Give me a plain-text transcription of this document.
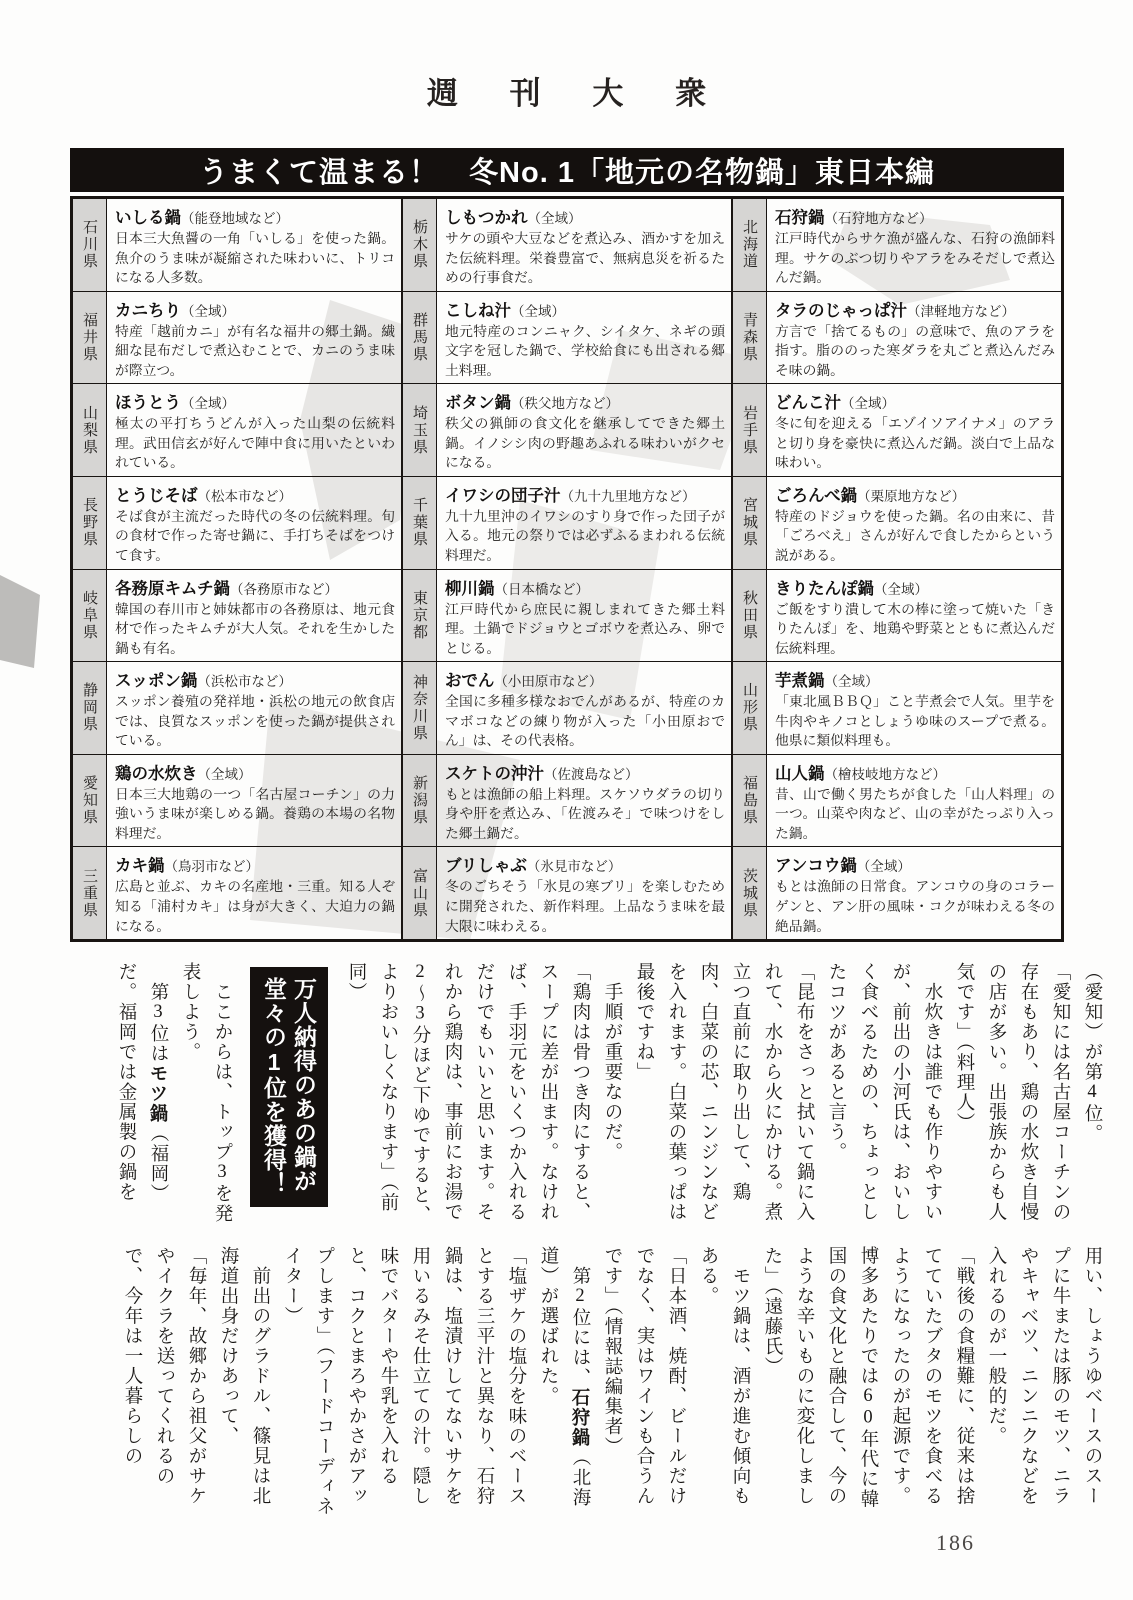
週 刊 大 衆
うまくて温まる！　冬No. 1「地元の名物鍋」東日本編
石川県
いしる鍋（能登地域など）
日本三大魚醤の一角「いしる」を使った鍋。魚介のうま味が凝縮された味わいに、トリコになる人多数。
福井県
カニちり（全域）
特産「越前カニ」が有名な福井の郷土鍋。繊細な昆布だしで煮込むことで、カニのうま味が際立つ。
山梨県
ほうとう（全域）
極太の平打ちうどんが入った山梨の伝統料理。武田信玄が好んで陣中食に用いたといわれている。
長野県
とうじそば（松本市など）
そば食が主流だった時代の冬の伝統料理。旬の食材で作った寄せ鍋に、手打ちそばをつけて食す。
岐阜県
各務原キムチ鍋（各務原市など）
韓国の春川市と姉妹都市の各務原は、地元食材で作ったキムチが大人気。それを生かした鍋も有名。
静岡県
スッポン鍋（浜松市など）
スッポン養殖の発祥地・浜松の地元の飲食店では、良質なスッポンを使った鍋が提供されている。
愛知県
鶏の水炊き（全域）
日本三大地鶏の一つ「名古屋コーチン」の力強いうま味が楽しめる鍋。養鶏の本場の名物料理だ。
三重県
カキ鍋（鳥羽市など）
広島と並ぶ、カキの名産地・三重。知る人ぞ知る「浦村カキ」は身が大きく、大迫力の鍋になる。
栃木県
しもつかれ（全域）
サケの頭や大豆などを煮込み、酒かすを加えた伝統料理。栄養豊富で、無病息災を祈るための行事食だ。
群馬県
こしね汁（全域）
地元特産のコンニャク、シイタケ、ネギの頭文字を冠した鍋で、学校給食にも出される郷土料理。
埼玉県
ボタン鍋（秩父地方など）
秩父の猟師の食文化を継承してできた郷土鍋。イノシシ肉の野趣あふれる味わいがクセになる。
千葉県
イワシの団子汁（九十九里地方など）
九十九里沖のイワシのすり身で作った団子が入る。地元の祭りでは必ずふるまわれる伝統料理だ。
東京都
柳川鍋（日本橋など）
江戸時代から庶民に親しまれてきた郷土料理。土鍋でドジョウとゴボウを煮込み、卵でとじる。
神奈川県	おでん（小田原市など）
全国に多種多様なおでんがあるが、特産のカマボコなどの練り物が入った「小田原おでん」は、その代表格。
新潟県
スケトの沖汁（佐渡島など）
もとは漁師の船上料理。スケソウダラの切り身や肝を煮込み、「佐渡みそ」で味つけをした郷土鍋だ。
富山県
ブリしゃぶ（氷見市など）
冬のごちそう「氷見の寒ブリ」を楽しむために開発された、新作料理。上品なうま味を最大限に味わえる。
北海道
石狩鍋（石狩地方など）
江戸時代からサケ漁が盛んな、石狩の漁師料理。サケのぶつ切りやアラをみそだしで煮込んだ鍋。
青森県
タラのじゃっぱ汁（津軽地方など）
方言で「捨てるもの」の意味で、魚のアラを指す。脂ののった寒ダラを丸ごと煮込んだみそ味の鍋。
岩手県
どんこ汁（全域）
冬に旬を迎える「エゾイソアイナメ」のアラと切り身を豪快に煮込んだ鍋。淡白で上品な味わい。
宮城県
ごろんべ鍋（栗原地方など）
特産のドジョウを使った鍋。名の由来に、昔「ごろべえ」さんが好んで食したからという説がある。
秋田県
きりたんぽ鍋（全域）
ご飯をすり潰して木の棒に塗って焼いた「きりたんぽ」を、地鶏や野菜とともに煮込んだ伝統料理。
山形県
芋煮鍋（全域）
「東北風ＢＢＱ」こと芋煮会で人気。里芋を牛肉やキノコとしょうゆ味のスープで煮る。他県に類似料理も。
福島県
山人鍋（檜枝岐地方など）
昔、山で働く男たちが食した「山人料理」の一つ。山菜や肉など、山の幸がたっぷり入った鍋。
茨城県
アンコウ鍋（全域）
もとは漁師の日常食。アンコウの身のコラーゲンと、アン肝の風味・コクが味わえる冬の絶品鍋。

（愛知）が第4位。

「愛知には名古屋コーチンの存在もあり、鶏の水炊き自慢の店が多い。出張族からも人気です」（料理人）

　水炊きは誰でも作りやすいが、前出の小河氏は、おいしく食べるための、ちょっとしたコツがあると言う。

「昆布をさっと拭いて鍋に入れて、水から火にかける。煮立つ直前に取り出して、鶏肉、白菜の芯、ニンジンなどを入れます。白菜の葉っぱは最後ですね」

　手順が重要なのだ。

「鶏肉は骨つき肉にすると、スープに差が出ます。なければ、手羽元をいくつか入れるだけでもいいと思います。それから鶏肉は、事前にお湯で2〜3分ほど下ゆですると、よりおいしくなります」（前同）

万人納得のあの鍋が堂々の1位を獲得！

　ここからは、トップ3を発表しよう。

　第3位はモツ鍋（福岡）だ。福岡では金属製の鍋を

用い、しょうゆベースのスープに牛または豚のモツ、ニラやキャベツ、ニンニクなどを入れるのが一般的だ。

「戦後の食糧難に、従来は捨てていたブタのモツを食べるようになったのが起源です。博多あたりでは60年代に韓国の食文化と融合して、今のような辛いものに変化しました」（遠藤氏）

　モツ鍋は、酒が進む傾向もある。

「日本酒、焼酎、ビールだけでなく、実はワインも合うんです」（情報誌編集者）

　第2位には、石狩鍋（北海道）が選ばれた。

「塩ザケの塩分を味のベースとする三平汁と異なり、石狩鍋は、塩漬けしてないサケを用いるみそ仕立ての汁。隠し味でバターや牛乳を入れると、コクとまろやかさがアップします」（フードコーディネイター）

　前出のグラドル、篠見は北海道出身だけあって、

「毎年、故郷から祖父がサケやイクラを送ってくれるので、今年は一人暮らしの

186
